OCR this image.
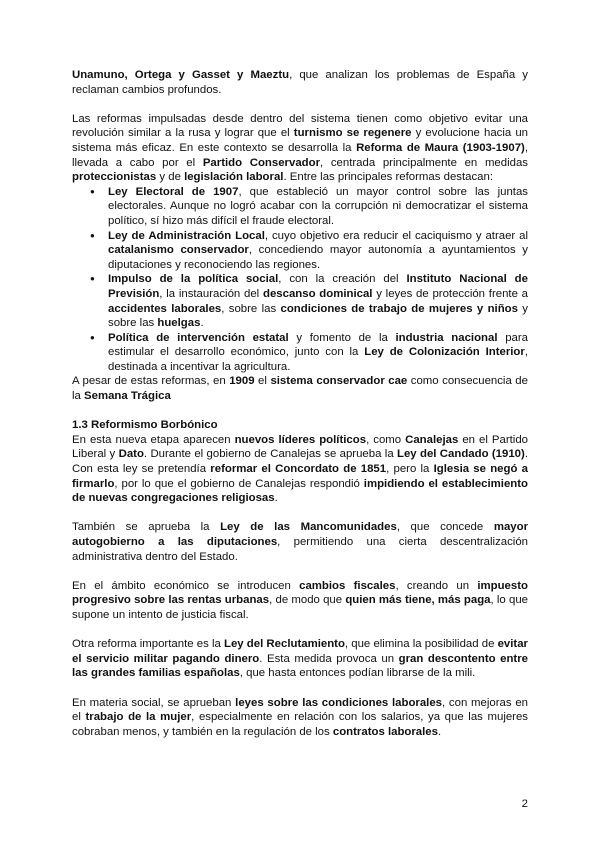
Unamuno, Ortega y Gasset y Maeztu, que analizan los problemas de España y reclaman cambios profundos.

Las reformas impulsadas desde dentro del sistema tienen como objetivo evitar una revolución similar a la rusa y lograr que el turnismo se regenere y evolucione hacia un sistema más eficaz. En este contexto se desarrolla la Reforma de Maura (1903-1907), llevada a cabo por el Partido Conservador, centrada principalmente en medidas proteccionistas y de legislación laboral. Entre las principales reformas destacan:

● Ley Electoral de 1907, que estableció un mayor control sobre las juntas electorales. Aunque no logró acabar con la corrupción ni democratizar el sistema político, sí hizo más difícil el fraude electoral.
● Ley de Administración Local, cuyo objetivo era reducir el caciquismo y atraer al catalanismo conservador, concediendo mayor autonomía a ayuntamientos y diputaciones y reconociendo las regiones.
● Impulso de la política social, con la creación del Instituto Nacional de Previsión, la instauración del descanso dominical y leyes de protección frente a accidentes laborales, sobre las condiciones de trabajo de mujeres y niños y sobre las huelgas.
● Política de intervención estatal y fomento de la industria nacional para estimular el desarrollo económico, junto con la Ley de Colonización Interior, destinada a incentivar la agricultura.

A pesar de estas reformas, en 1909 el sistema conservador cae como consecuencia de la Semana Trágica

1.3 Reformismo Borbónico

En esta nueva etapa aparecen nuevos líderes políticos, como Canalejas en el Partido Liberal y Dato. Durante el gobierno de Canalejas se aprueba la Ley del Candado (1910). Con esta ley se pretendía reformar el Concordato de 1851, pero la Iglesia se negó a firmarlo, por lo que el gobierno de Canalejas respondió impidiendo el establecimiento de nuevas congregaciones religiosas.

También se aprueba la Ley de las Mancomunidades, que concede mayor autogobierno a las diputaciones, permitiendo una cierta descentralización administrativa dentro del Estado.

En el ámbito económico se introducen cambios fiscales, creando un impuesto progresivo sobre las rentas urbanas, de modo que quien más tiene, más paga, lo que supone un intento de justicia fiscal.

Otra reforma importante es la Ley del Reclutamiento, que elimina la posibilidad de evitar el servicio militar pagando dinero. Esta medida provoca un gran descontento entre las grandes familias españolas, que hasta entonces podían librarse de la mili.

En materia social, se aprueban leyes sobre las condiciones laborales, con mejoras en el trabajo de la mujer, especialmente en relación con los salarios, ya que las mujeres cobraban menos, y también en la regulación de los contratos laborales.

2
